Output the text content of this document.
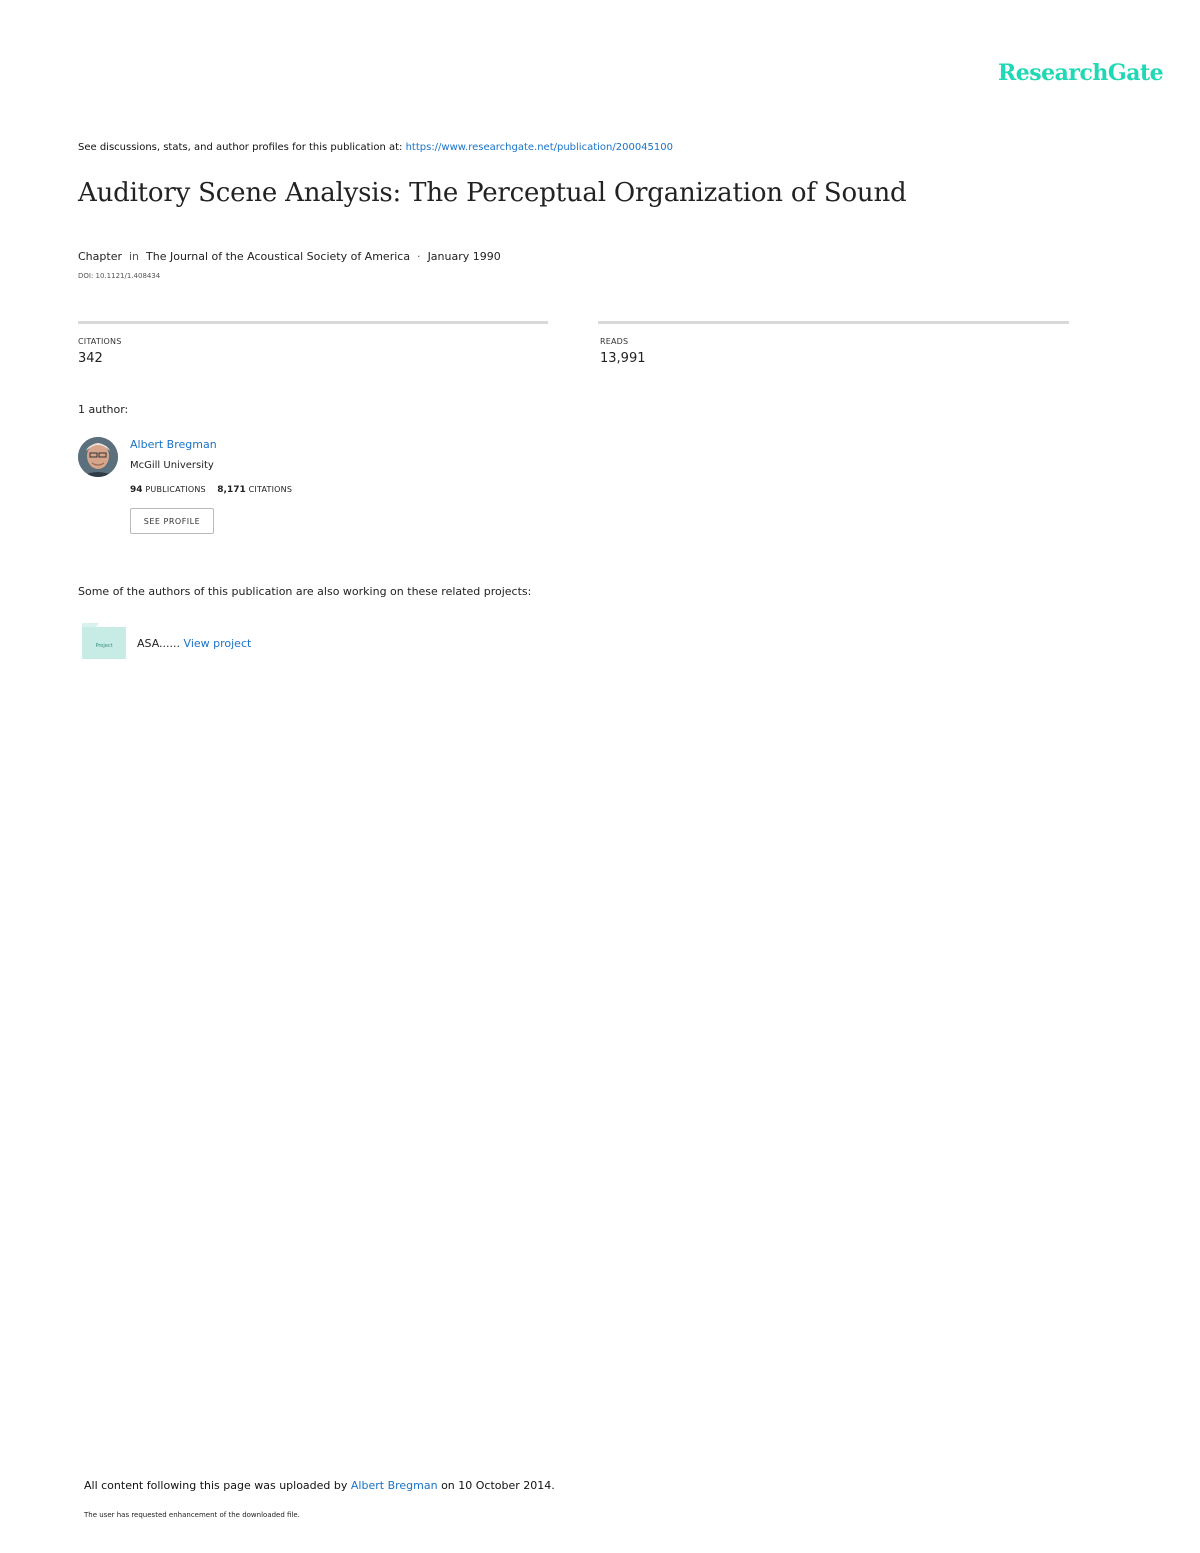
ResearchGate
See discussions, stats, and author profiles for this publication at: https://www.researchgate.net/publication/200045100
Auditory Scene Analysis: The Perceptual Organization of Sound
Chapter  in  The Journal of the Acoustical Society of America  ·  January 1990
DOI: 10.1121/1.408434
CITATIONS
342
READS
13,991
1 author:
Albert Bregman
McGill University
94 PUBLICATIONS 8,171 CITATIONS
SEE PROFILE
Some of the authors of this publication are also working on these related projects:
Project ASA...... View project
All content following this page was uploaded by Albert Bregman on 10 October 2014.
The user has requested enhancement of the downloaded file.
